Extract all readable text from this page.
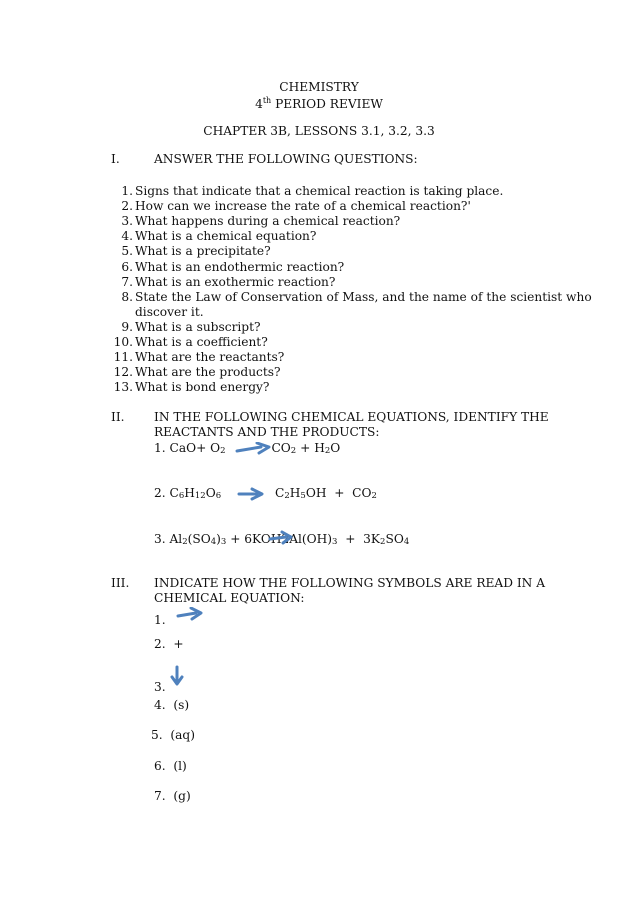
CHEMISTRY
4th PERIOD REVIEW
CHAPTER 3B, LESSONS 3.1, 3.2, 3.3
I.	ANSWER THE FOLLOWING QUESTIONS:
1. Signs that indicate that a chemical reaction is taking place.
2. How can we increase the rate of a chemical reaction?'
3. What happens during a chemical reaction?
4. What is a chemical equation?
5. What is a precipitate?
6. What is an endothermic reaction?
7. What is an exothermic reaction?
8. State the Law of Conservation of Mass, and the name of the scientist who
discover it.
9. What is a subscript?
10. What is a coefficient?
11. What are the reactants?
12. What are the products?
13. What is bond energy?
II. IN THE FOLLOWING CHEMICAL EQUATIONS, IDENTIFY THE
REACTANTS AND THE PRODUCTS:
1. $CaO+ O_2$	$CO_2 + H_2O$
2. $C_6H_{12}O_6$	$C_2H_5OH + CO_2$
3. $Al_2(SO_4)_3 + 6KOH2Al(OH)_3 + 3K_2SO_4$
III. INDICATE HOW THE FOLLOWING SYMBOLS ARE READ IN A
CHEMICAL EQUATION:
1.
2. +
3.
4. (s)
5. (aq)
6. (l)
7. (g)
